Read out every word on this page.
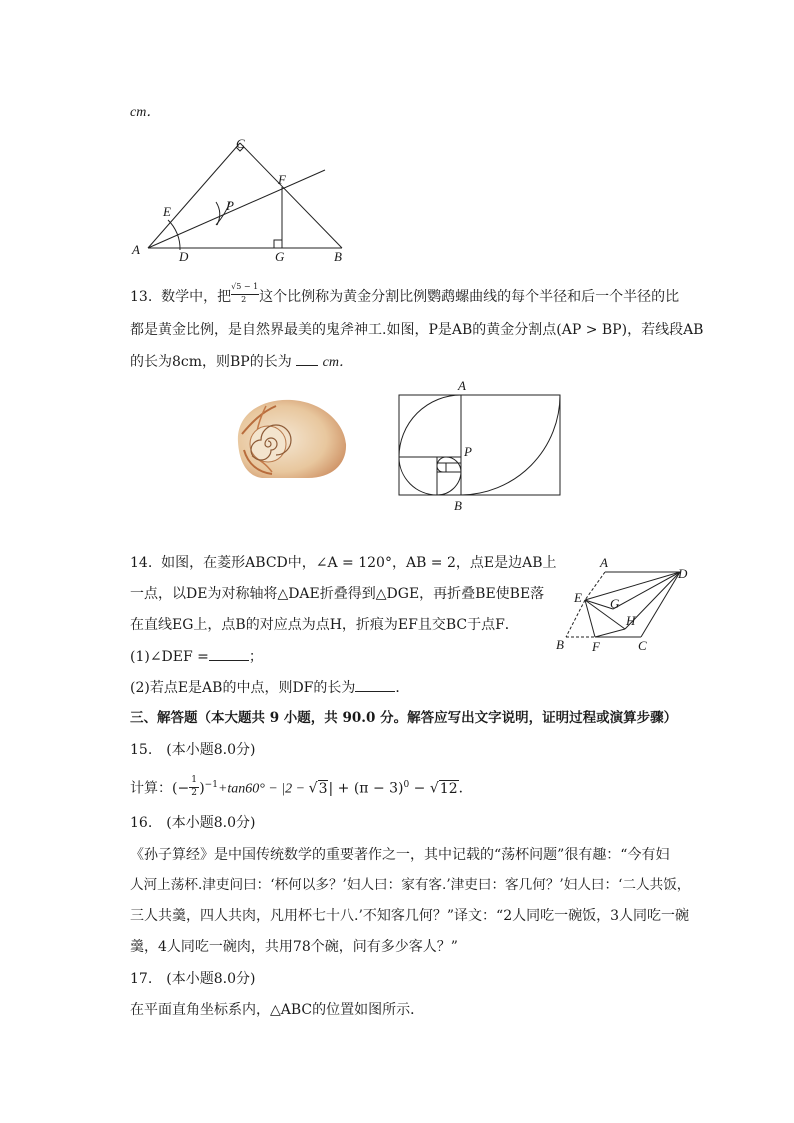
cm．
A	B
C
D
E
F
G
P
13. 数学中，把 $\frac{√5 - 1}{2}$ 这个比例称为黄金分割比例鹦鹉螺曲线的每个半径和后一个半径的比
都是黄金比例，是自然界最美的鬼斧神工.如图，P是AB的黄金分割点(AP > BP)，若线段AB
的长为8cm，则BP的长为 cm．
A
B
P
14. 如图，在菱形ABCD中，∠A = 120°，AB = 2，点E是边AB上
一点，以DE为对称轴将△DAE折叠得到△DGE，再折叠BE使BE落
在直线EG上，点B的对应点为点H，折痕为EF且交BC于点F．
(1)∠DEF =	；
(2)若点E是AB的中点，则DF的长为	．
A
B	C
D
E
F
G
H
三、解答题（本大题共 9 小题，共 90.0 分。解答应写出文字说明，证明过程或演算步骤）
15.　(本小题8.0分)
计算：(− $\frac{1}{2} )^{-1}+\tan 60^\circ - |2 - √3| + (\pi - 3)^0 - √12$．
16.　(本小题8.0分)
《孙子算经》是中国传统数学的重要著作之一，其中记载的“荡杯问题”很有趣：“今有妇
人河上荡杯.津吏问曰：‘杯何以多？’妇人曰：家有客.’津吏曰：客几何？’妇人曰：‘二人共饭，
三人共羹，四人共肉，凡用杯七十八.’不知客几何？”译文：“2人同吃一碗饭，3人同吃一碗
羹，4人同吃一碗肉，共用78个碗，问有多少客人？”
17.　(本小题8.0分)
在平面直角坐标系内，△ABC的位置如图所示．
